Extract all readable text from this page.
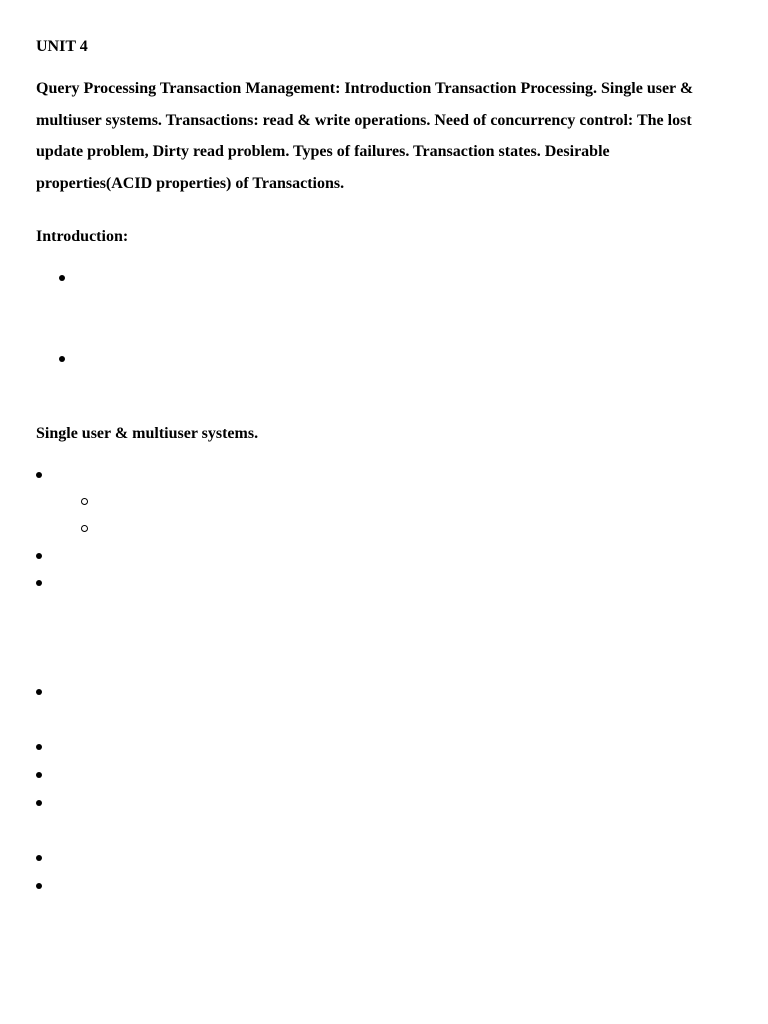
UNIT 4
Query Processing Transaction Management: Introduction Transaction Processing. Single user & multiuser systems. Transactions: read & write operations. Need of concurrency control: The lost update problem, Dirty read problem. Types of failures. Transaction states. Desirable properties(ACID properties) of Transactions.
Introduction:
Single user & multiuser systems.
